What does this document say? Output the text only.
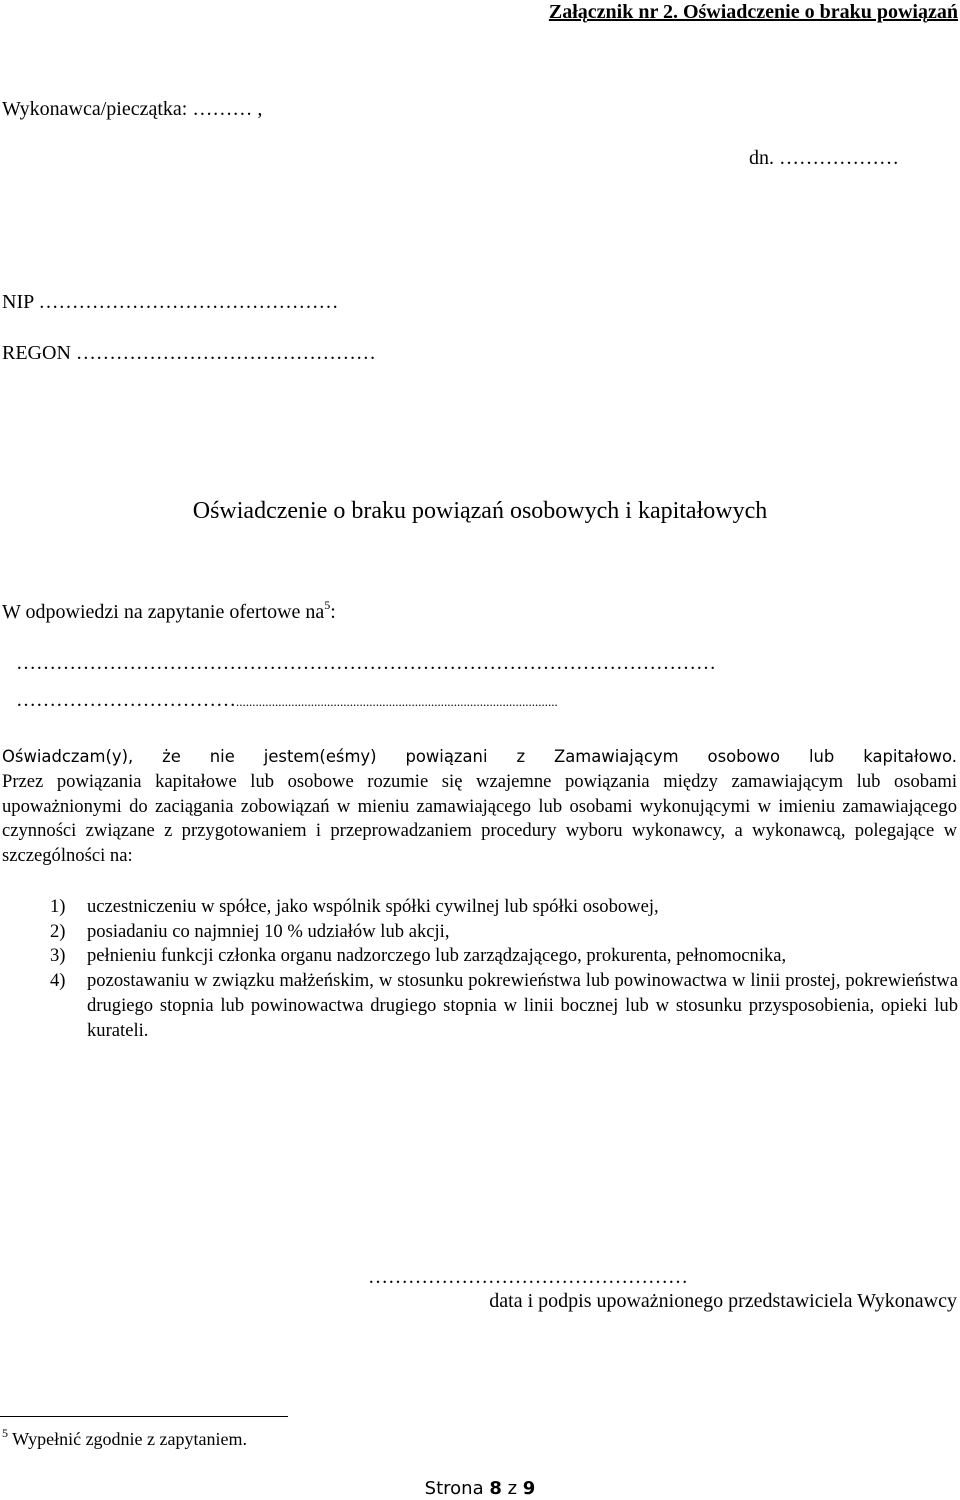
Załącznik nr 2. Oświadczenie o braku powiązań
Wykonawca/pieczątka: ……… ,
dn. ………………
NIP ………………………………………
REGON ………………………………………
Oświadczenie o braku powiązań osobowych i kapitałowych
W odpowiedzi na zapytanie ofertowe $na^5$:
……………………………………………………………………………………………
……………………………...................................................................................................
Oświadczam(y), że nie jestem(eśmy) powiązani z Zamawiającym osobowo lub kapitałowo.
Przez powiązania kapitałowe lub osobowe rozumie się wzajemne powiązania między zamawiającym lub osobami upoważnionymi do zaciągania zobowiązań w mieniu zamawiającego lub osobami wykonującymi w imieniu zamawiającego czynności związane z przygotowaniem i przeprowadzaniem procedury wyboru wykonawcy, a wykonawcą, polegające w szczególności na:
1)	uczestniczeniu w spółce, jako wspólnik spółki cywilnej lub spółki osobowej,
2)	posiadaniu co najmniej 10 % udziałów lub akcji,
3)	pełnieniu funkcji członka organu nadzorczego lub zarządzającego, prokurenta, pełnomocnika,
4)	pozostawaniu w związku małżeńskim, w stosunku pokrewieństwa lub powinowactwa w linii prostej, pokrewieństwa drugiego stopnia lub powinowactwa drugiego stopnia w linii bocznej lub w stosunku przysposobienia, opieki lub kurateli.
…………………………………………
data i podpis upoważnionego przedstawiciela Wykonawcy
$^5$ Wypełnić zgodnie z zapytaniem.
Strona 8 z 9
